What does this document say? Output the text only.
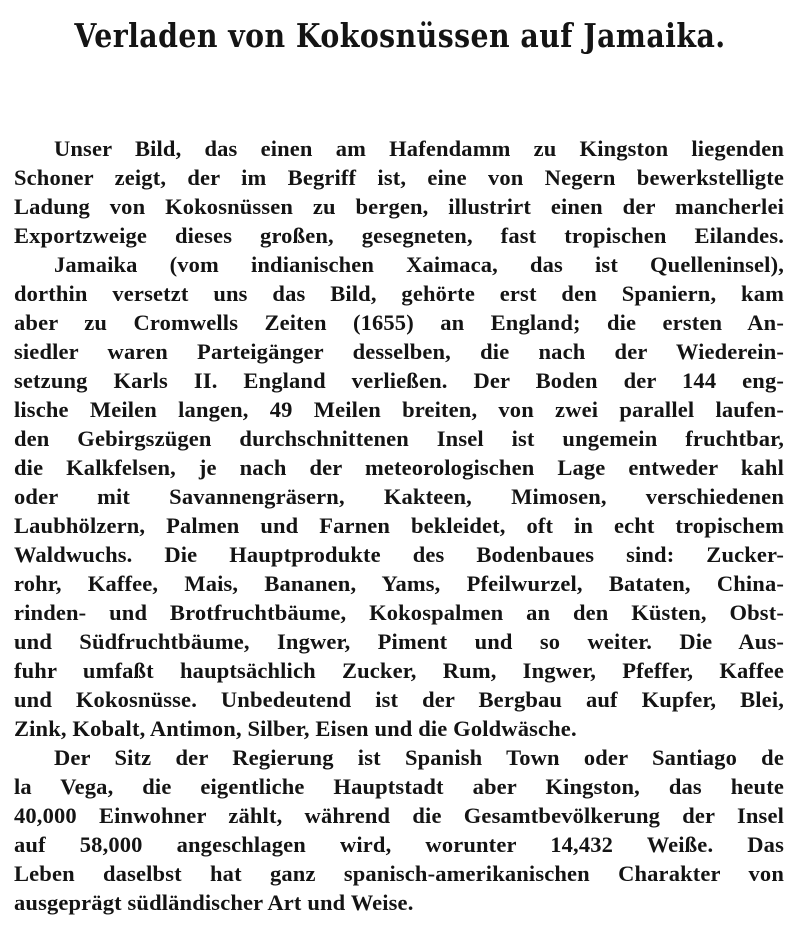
Verladen von Kokosnüssen auf Jamaika.
Unser Bild, das einen am Hafendamm zu Kingston liegenden
Schoner zeigt, der im Begriff ist, eine von Negern bewerkstelligte
Ladung von Kokosnüssen zu bergen, illustrirt einen der mancherlei
Exportzweige dieses großen, gesegneten, fast tropischen Eilandes.
Jamaika (vom indianischen Xaimaca, das ist Quelleninsel),
dorthin versetzt uns das Bild, gehörte erst den Spaniern, kam
aber zu Cromwells Zeiten (1655) an England; die ersten An-
siedler waren Parteigänger desselben, die nach der Wiederein-
setzung Karls II. England verließen. Der Boden der 144 eng-
lische Meilen langen, 49 Meilen breiten, von zwei parallel laufen-
den Gebirgszügen durchschnittenen Insel ist ungemein fruchtbar,
die Kalkfelsen, je nach der meteorologischen Lage entweder kahl
oder mit Savannengräsern, Kakteen, Mimosen, verschiedenen
Laubhölzern, Palmen und Farnen bekleidet, oft in echt tropischem
Waldwuchs. Die Hauptprodukte des Bodenbaues sind: Zucker-
rohr, Kaffee, Mais, Bananen, Yams, Pfeilwurzel, Bataten, China-
rinden- und Brotfruchtbäume, Kokospalmen an den Küsten, Obst-
und Südfruchtbäume, Ingwer, Piment und so weiter. Die Aus-
fuhr umfaßt hauptsächlich Zucker, Rum, Ingwer, Pfeffer, Kaffee
und Kokosnüsse. Unbedeutend ist der Bergbau auf Kupfer, Blei,
Zink, Kobalt, Antimon, Silber, Eisen und die Goldwäsche.
Der Sitz der Regierung ist Spanish Town oder Santiago de
la Vega, die eigentliche Hauptstadt aber Kingston, das heute
40,000 Einwohner zählt, während die Gesamtbevölkerung der Insel
auf 58,000 angeschlagen wird, worunter 14,432 Weiße. Das
Leben daselbst hat ganz spanisch-amerikanischen Charakter von
ausgeprägt südländischer Art und Weise.
